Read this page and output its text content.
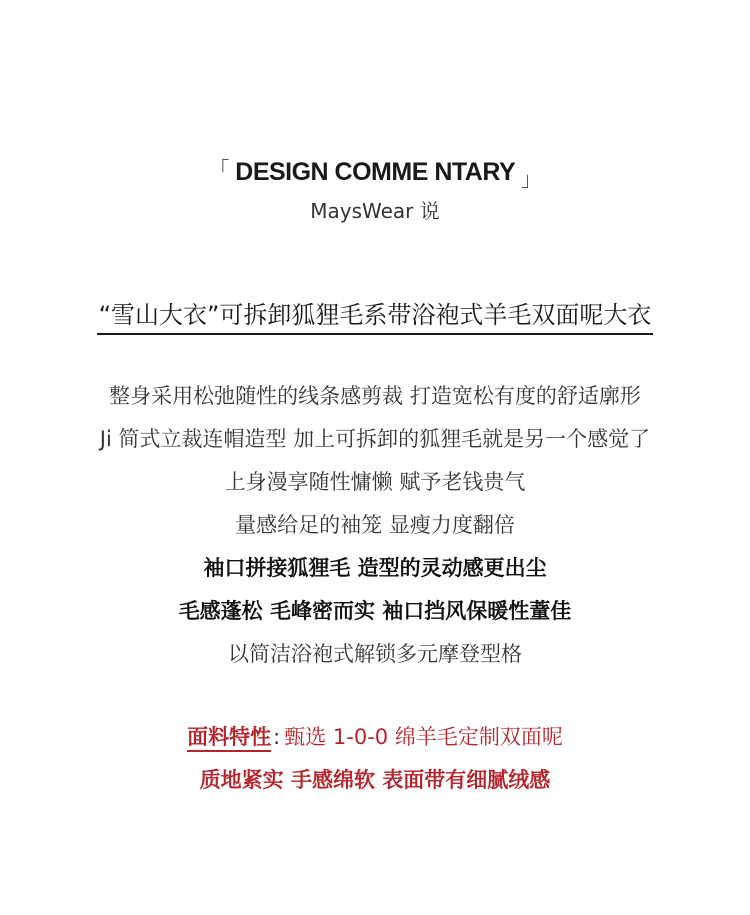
「 DESIGN COMME NTARY $_」$
MaysWear 说
“雪山大衣”可拆卸狐狸毛系带浴袍式羊毛双面呢大衣
整身采用松弛随性的线条感剪裁 打造宽松有度的舒适廓形
Ji 简式立裁连帽造型 加上可拆卸的狐狸毛就是另一个感觉了
上身漫享随性慵懒 赋予老钱贵气
量感给足的袖笼 显瘦力度翻倍
袖口拼接狐狸毛 造型的灵动感更出尘
毛感蓬松 毛峰密而实 袖口挡风保暖性蕫佳
以简洁浴袍式解锁多元摩登型格
面料特性: 甄选 1-0-0 绵羊毛定制双面呢
质地紧实 手感绵软 表面带有细腻绒感
